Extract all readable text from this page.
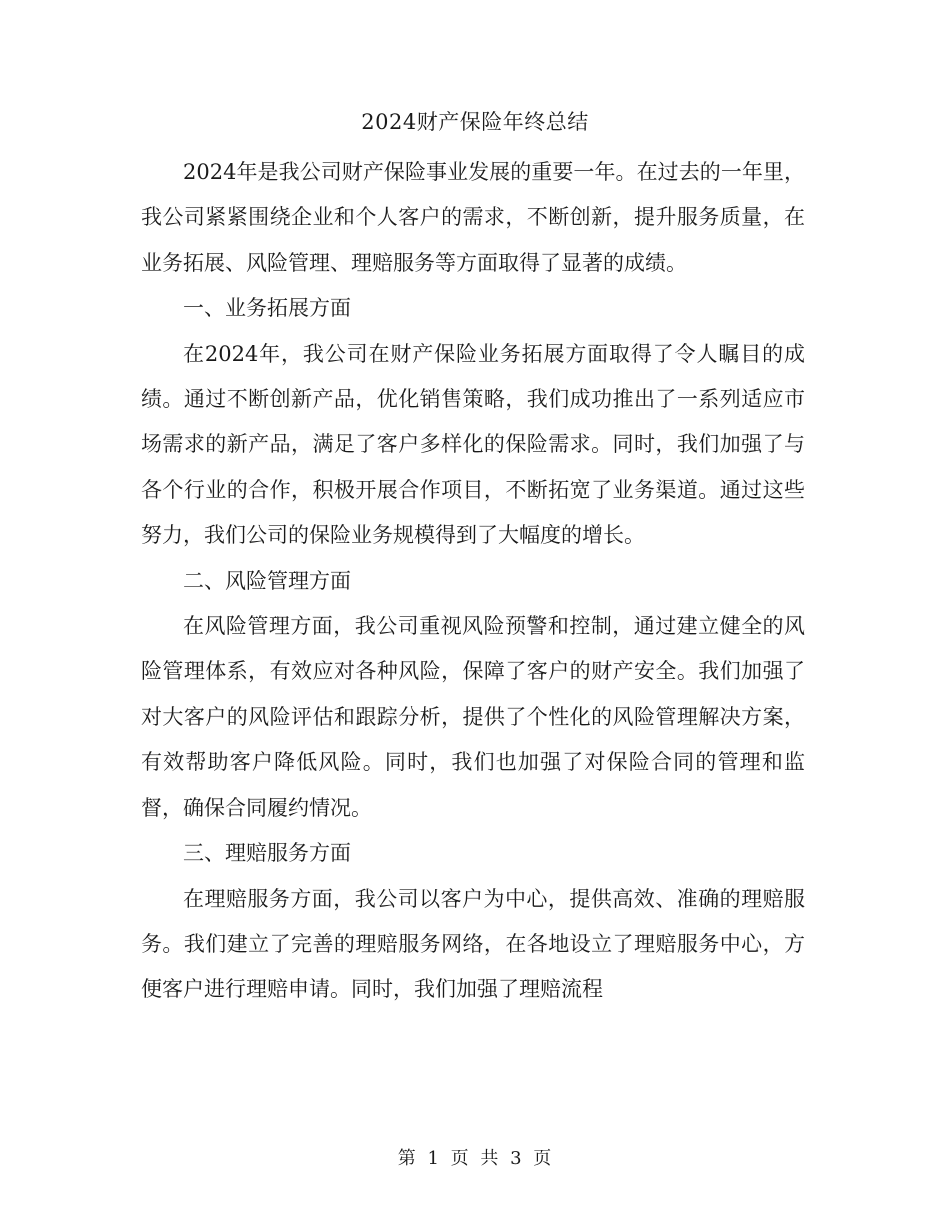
2024财产保险年终总结

2024年是我公司财产保险事业发展的重要一年。在过去的一年里，我公司紧紧围绕企业和个人客户的需求，不断创新，提升服务质量，在业务拓展、风险管理、理赔服务等方面取得了显著的成绩。

一、业务拓展方面

在2024年，我公司在财产保险业务拓展方面取得了令人瞩目的成绩。通过不断创新产品，优化销售策略，我们成功推出了一系列适应市场需求的新产品，满足了客户多样化的保险需求。同时，我们加强了与各个行业的合作，积极开展合作项目，不断拓宽了业务渠道。通过这些努力，我们公司的保险业务规模得到了大幅度的增长。

二、风险管理方面

在风险管理方面，我公司重视风险预警和控制，通过建立健全的风险管理体系，有效应对各种风险，保障了客户的财产安全。我们加强了对大客户的风险评估和跟踪分析，提供了个性化的风险管理解决方案，有效帮助客户降低风险。同时，我们也加强了对保险合同的管理和监督，确保合同履约情况。

三、理赔服务方面

在理赔服务方面，我公司以客户为中心，提供高效、准确的理赔服务。我们建立了完善的理赔服务网络，在各地设立了理赔服务中心，方便客户进行理赔申请。同时，我们加强了理赔流程

第 1 页 共 3 页
